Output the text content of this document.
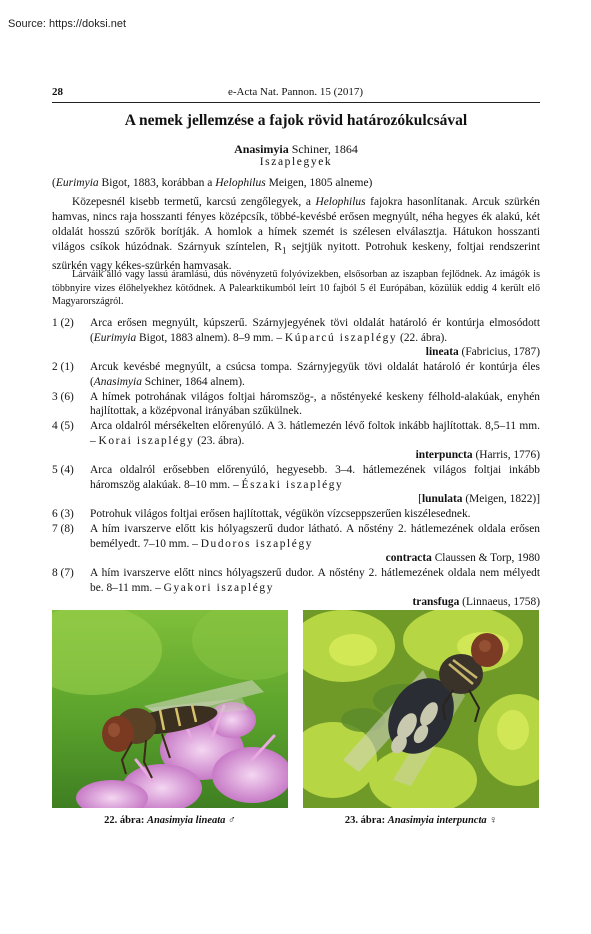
Source: https://doksi.net
28	e-Acta Nat. Pannon. 15 (2017)
A nemek jellemzése a fajok rövid határozókulcsával
Anasimyia Schiner, 1864
Iszaplegyek
(Eurimyia Bigot, 1883, korábban a Helophilus Meigen, 1805 alneme)
Közepesnél kisebb termetű, karcsú zengőlegyek, a Helophilus fajokra hasonlítanak. Arcuk szürkén hamvas, nincs raja hosszanti fényes középcsík, többé-kevésbé erősen megnyúlt, néha hegyes ék alakú, két oldalát hosszú szőrök borítják. A homlok a hímek szemét is szélesen elválasztja. Hátukon hosszanti világos csíkok húzódnak. Szárnyuk színtelen, $R_1$ sejtjük nyitott. Potrohuk keskeny, foltjai rendszerint szürkén vagy kékes-szürkén hamvasak.
Lárváik álló vagy lassú áramlású, dús növényzetű folyóvizekben, elsősorban az iszapban fejlődnek. Az imágók is többnyire vizes élőhelyekhez kötődnek. A Palearktikumból leírt 10 fajból 5 él Európában, közülük eddig 4 került elő Magyarországról.
1 (2)	Arca erősen megnyúlt, kúpszerű. Szárnyjegyének tövi oldalát határoló ér kontúrja elmosódott (Eurimyia Bigot, 1883 alnem). 8–9 mm. – Kúparcú iszaplégy (22. ábra).
lineata (Fabricius, 1787)
2 (1)	Arcuk kevésbé megnyúlt, a csúcsa tompa. Szárnyjegyük tövi oldalát határoló ér kontúrja éles (Anasimyia Schiner, 1864 alnem).
3 (6)	A hímek potrohának világos foltjai háromszög-, a nőstényeké keskeny félhold-alakúak, enyhén hajlítottak, a középvonal irányában szűkülnek.
4 (5)	Arca oldalról mérsékelten előrenyúló. A 3. hátlemezén lévő foltok inkább hajlítottak. 8,5–11 mm. – Korai iszaplégy (23. ábra).
interpuncta (Harris, 1776)
5 (4)	Arca oldalról erősebben előrenyúló, hegyesebb. 3–4. hátlemezének világos foltjai inkább háromszög alakúak. 8–10 mm. – Északi iszaplégy
[lunulata (Meigen, 1822)]
6 (3)	Potrohuk világos foltjai erősen hajlítottak, végükön vízcseppszerűen kiszélesednek.
7 (8)	A hím ivarszerve előtt kis hólyagszerű dudor látható. A nőstény 2. hátlemezének oldala erősen bemélyedt. 7–10 mm. – Dudoros iszaplégy
contracta Claussen & Torp, 1980
8 (7)	A hím ivarszerve előtt nincs hólyagszerű dudor. A nőstény 2. hátlemezének oldala nem mélyedt be. 8–11 mm. – Gyakori iszaplégy
transfuga (Linnaeus, 1758)
22. ábra: Anasimyia lineata ♂	23. ábra: Anasimyia interpuncta ♀
